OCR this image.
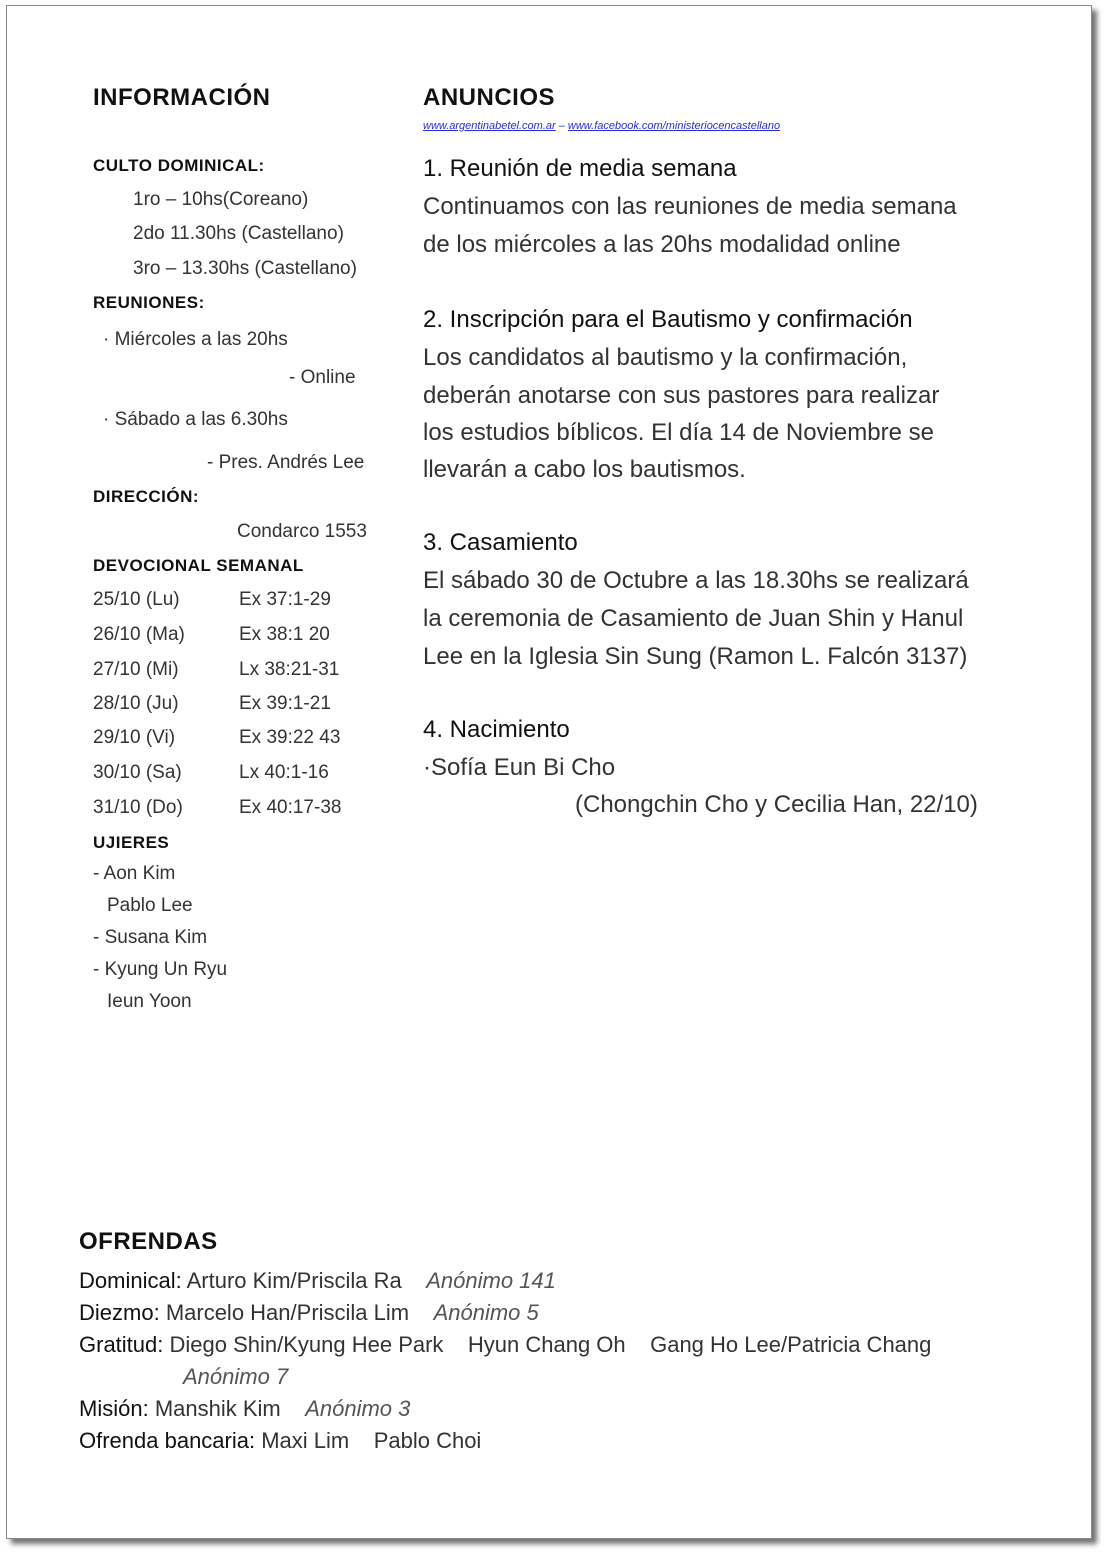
INFORMACIÓN
CULTO DOMINICAL:
1ro – 10hs(Coreano)
2do 11.30hs (Castellano)
3ro – 13.30hs (Castellano)
REUNIONES:
· Miércoles a las 20hs
- Online
· Sábado a las 6.30hs
- Pres. Andrés Lee
DIRECCIÓN:
Condarco 1553
DEVOCIONAL SEMANAL
25/10 (Lu)	Ex 37:1-29
26/10 (Ma)	Ex 38:1 20
27/10 (Mi)	Lx 38:21-31
28/10 (Ju)	Ex 39:1-21
29/10 (Vi)	Ex 39:22 43
30/10 (Sa)	Lx 40:1-16
31/10 (Do)	Ex 40:17-38
UJIERES
- Aon Kim
Pablo Lee
- Susana Kim
- Kyung Un Ryu
Ieun Yoon
ANUNCIOS
www.argentinabetel.com.ar – www.facebook.com/ministeriocencastellano
1. Reunión de media semana
Continuamos con las reuniones de media semana
de los miércoles a las 20hs modalidad online
2. Inscripción para el Bautismo y confirmación
Los candidatos al bautismo y la confirmación,
deberán anotarse con sus pastores para realizar
los estudios bíblicos. El día 14 de Noviembre se
llevarán a cabo los bautismos.
3. Casamiento
El sábado 30 de Octubre a las 18.30hs se realizará
la ceremonia de Casamiento de Juan Shin y Hanul
Lee en la Iglesia Sin Sung (Ramon L. Falcón 3137)
4. Nacimiento
·Sofía Eun Bi Cho
(Chongchin Cho y Cecilia Han, 22/10)
OFRENDAS
Dominical: Arturo Kim/Priscila Ra Anónimo 141
Diezmo: Marcelo Han/Priscila Lim Anónimo 5
Gratitud: Diego Shin/Kyung Hee Park    Hyun Chang Oh    Gang Ho Lee/Patricia Chang
Anónimo 7
Misión: Manshik Kim Anónimo 3
Ofrenda bancaria: Maxi Lim    Pablo Choi
